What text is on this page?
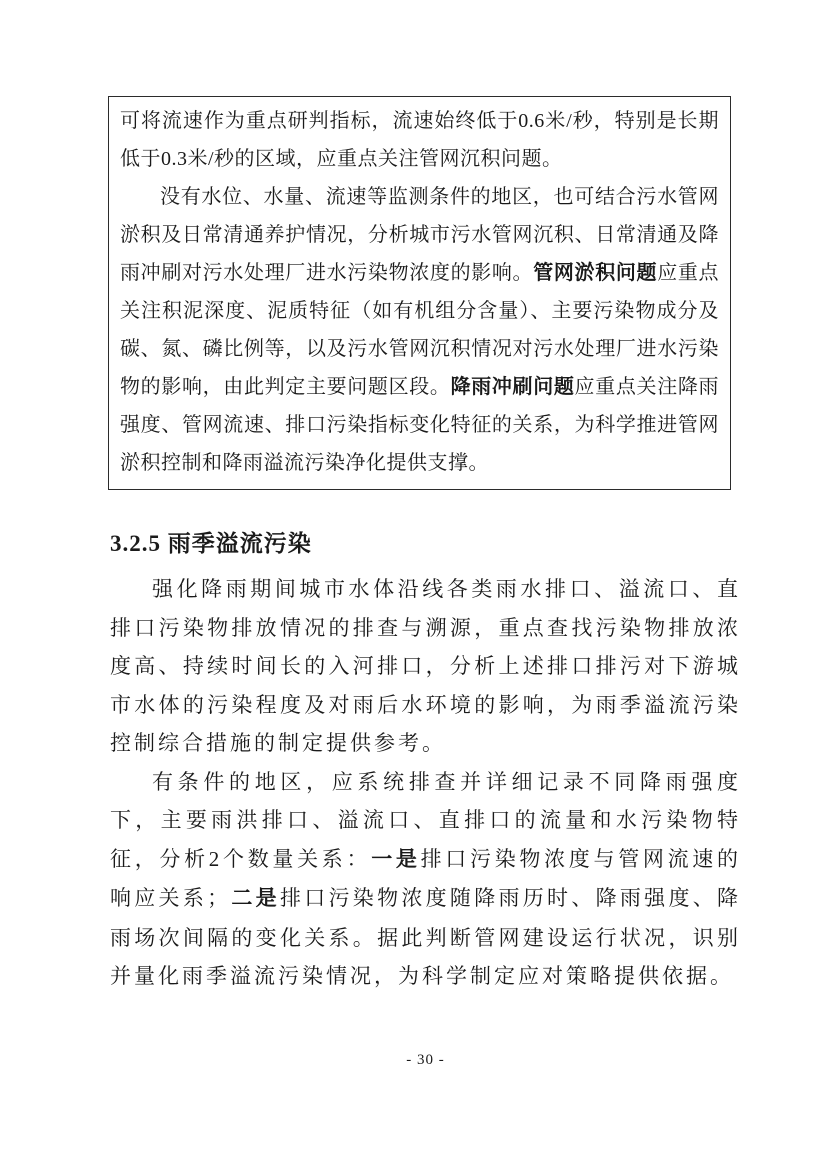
可将流速作为重点研判指标，流速始终低于0.6米/秒，特别是长期低于0.3米/秒的区域，应重点关注管网沉积问题。

没有水位、水量、流速等监测条件的地区，也可结合污水管网淤积及日常清通养护情况，分析城市污水管网沉积、日常清通及降雨冲刷对污水处理厂进水污染物浓度的影响。管网淤积问题应重点关注积泥深度、泥质特征（如有机组分含量）、主要污染物成分及碳、氮、磷比例等，以及污水管网沉积情况对污水处理厂进水污染物的影响，由此判定主要问题区段。降雨冲刷问题应重点关注降雨强度、管网流速、排口污染指标变化特征的关系，为科学推进管网淤积控制和降雨溢流污染净化提供支撑。

3.2.5 雨季溢流污染

强化降雨期间城市水体沿线各类雨水排口、溢流口、直排口污染物排放情况的排查与溯源，重点查找污染物排放浓度高、持续时间长的入河排口，分析上述排口排污对下游城市水体的污染程度及对雨后水环境的影响，为雨季溢流污染控制综合措施的制定提供参考。

有条件的地区，应系统排查并详细记录不同降雨强度下，主要雨洪排口、溢流口、直排口的流量和水污染物特征，分析2个数量关系：一是排口污染物浓度与管网流速的响应关系；二是排口污染物浓度随降雨历时、降雨强度、降雨场次间隔的变化关系。据此判断管网建设运行状况，识别并量化雨季溢流污染情况，为科学制定应对策略提供依据。

- 30 -
